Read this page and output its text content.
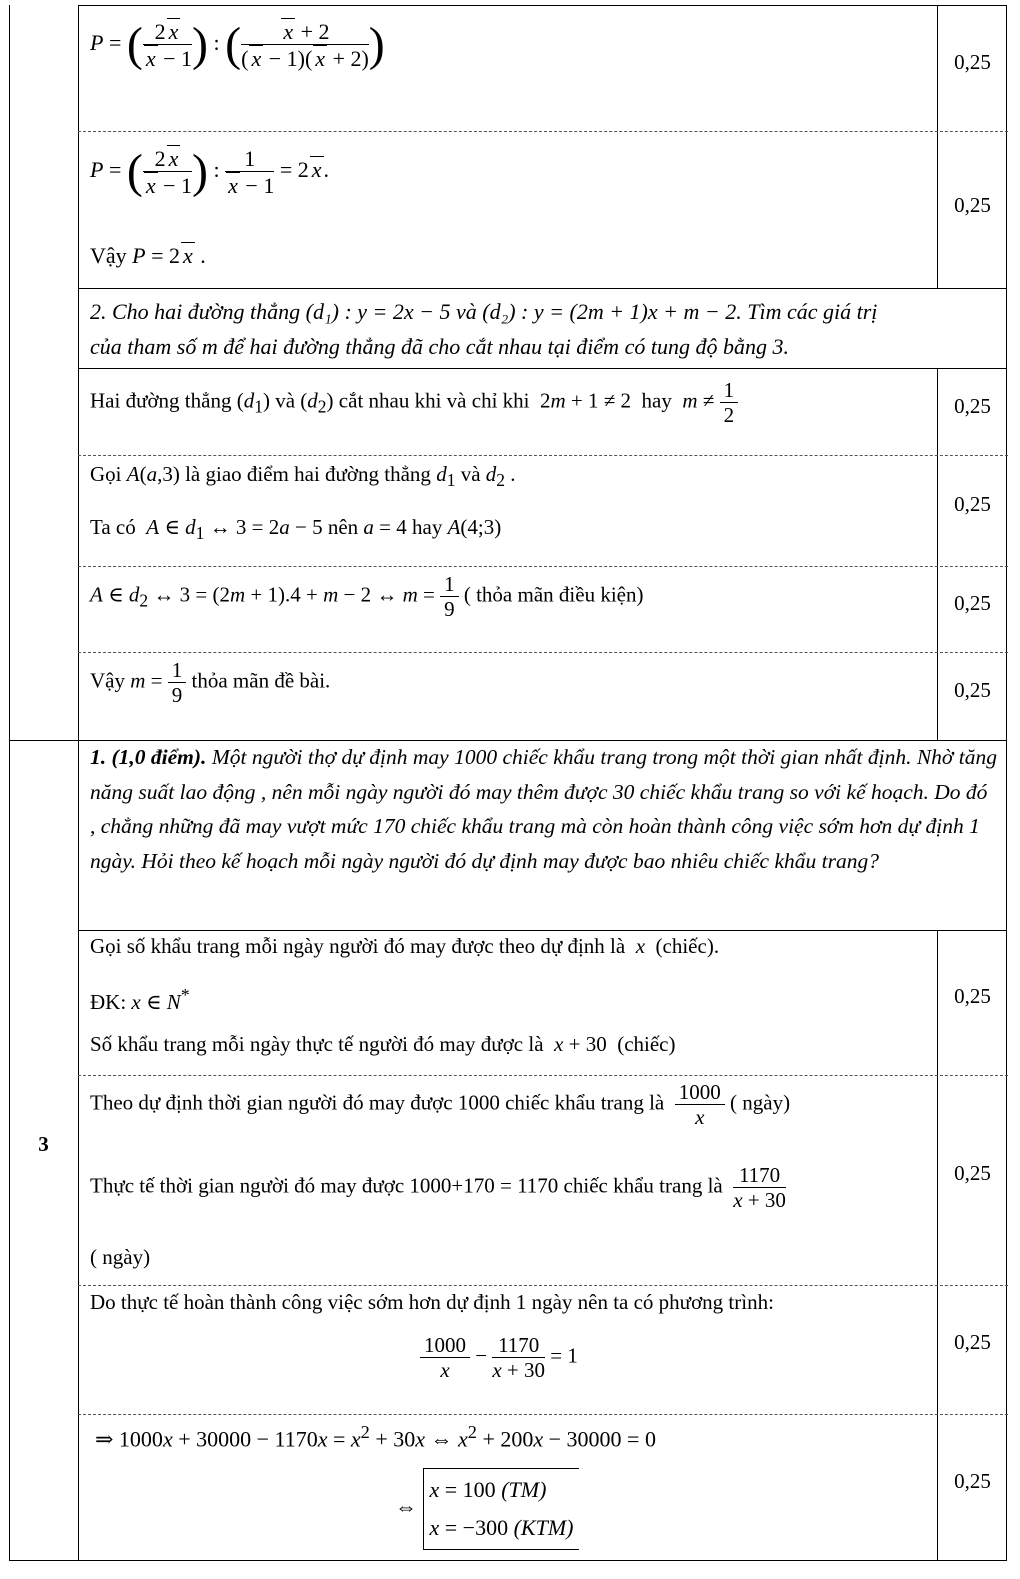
P = ( $\frac{2 x}{x - 1}$ ) : ( $\frac{x + 2}{( x - 1)( x + 2)}$ )	0,25
P = ( $\frac{2 x}{x - 1}$ ) : $\frac{1}{x - 1} = 2$ x.
Vậy P = 2 x .
0,25
2. Cho hai đường thẳng (d₁) : y = 2x − 5 và (d₂) : y = (2m + 1)x + m − 2. Tìm các giá trị
của tham số m để hai đường thẳng đã cho cắt nhau tại điểm có tung độ bằng 3.
Hai đường thẳng $(d_1)$ và $(d_2)$ cắt nhau khi và chỉ khi  2m + 1 ≠ 2  hay $m \ne \frac{1}{2}$	0,25
Gọi A(a,3) là giao điểm hai đường thẳng $d_1$ và $d_2$ .
Ta có A ∈ $d_1$ ↔ 3 = 2a − 5 nên a = 4 hay A(4;3)
0,25
A ∈ $d_2$ ↔ 3 = (2m + 1).4 + m − 2 ↔ $m = \frac{1}{9}$ ( thỏa mãn điều kiện)	0,25
Vậy $m = \frac{1}{9}$ thỏa mãn đề bài.	0,25
3
1. (1,0 điểm). Một người thợ dự định may 1000 chiếc khẩu trang trong một thời gian nhất định. Nhờ tăng năng suất lao động , nên mỗi ngày người đó may thêm được 30 chiếc khẩu trang so với kế hoạch. Do đó , chẳng những đã may vượt mức 170 chiếc khẩu trang mà còn hoàn thành công việc sớm hơn dự định 1 ngày. Hỏi theo kế hoạch mỗi ngày người đó dự định may được bao nhiêu chiếc khẩu trang?
Gọi số khẩu trang mỗi ngày người đó may được theo dự định là x (chiếc).
ĐK: x ∈ N*
Số khẩu trang mỗi ngày thực tế người đó may được là x + 30  (chiếc)
0,25
Theo dự định thời gian người đó may được 1000 chiếc khẩu trang là $\frac{1000}{x}$ ( ngày)
Thực tế thời gian người đó may được 1000+170 = 1170 chiếc khẩu trang là $\frac{1170}{x + 30}$
( ngày)
0,25
Do thực tế hoàn thành công việc sớm hơn dự định 1 ngày nên ta có phương trình:
$\frac{1000}{x} - \frac{1170}{x + 30} = 1$
0,25
⇒ $1000x + 30000 - 1170x = x^2 + 30x$ ⇔ $x^2 + 200x - 30000 = 0$
⇔ x = 100 (TM)
x = −300 (KTM)
0,25
